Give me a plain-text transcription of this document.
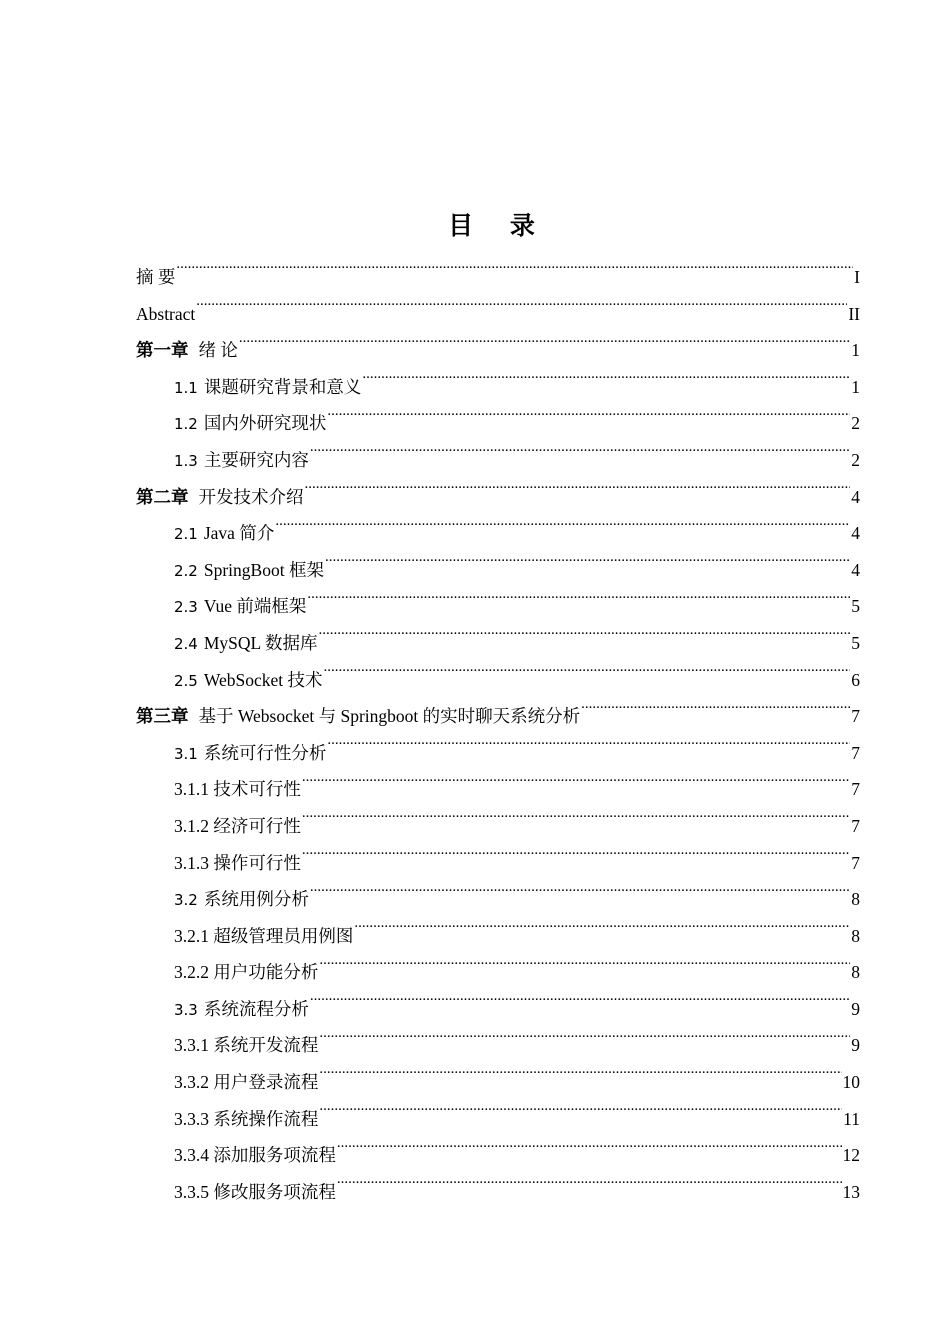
目 录
摘 要 .....	I
Abstract .....	II
第一章 绪 论 .....	1
1.1 课题研究背景和意义 .....	1
1.2 国内外研究现状 .....	2
1.3 主要研究内容 .....	2
第二章 开发技术介绍 .....	4
2.1 Java 简介 .....	4
2.2 SpringBoot 框架 .....	4
2.3 Vue 前端框架 .....	5
2.4 MySQL 数据库 .....	5
2.5 WebSocket 技术 .....	6
第三章 基于 Websocket 与 Springboot 的实时聊天系统分析 .....	7
3.1 系统可行性分析 .....	7
3.1.1 技术可行性 .....	7
3.1.2 经济可行性 .....	7
3.1.3 操作可行性 .....	7
3.2 系统用例分析 .....	8
3.2.1 超级管理员用例图 .....	8
3.2.2 用户功能分析 .....	8
3.3 系统流程分析 .....	9
3.3.1 系统开发流程 .....	9
3.3.2 用户登录流程 .....	10
3.3.3 系统操作流程 .....	11
3.3.4 添加服务项流程 .....	12
3.3.5 修改服务项流程 .....	13
